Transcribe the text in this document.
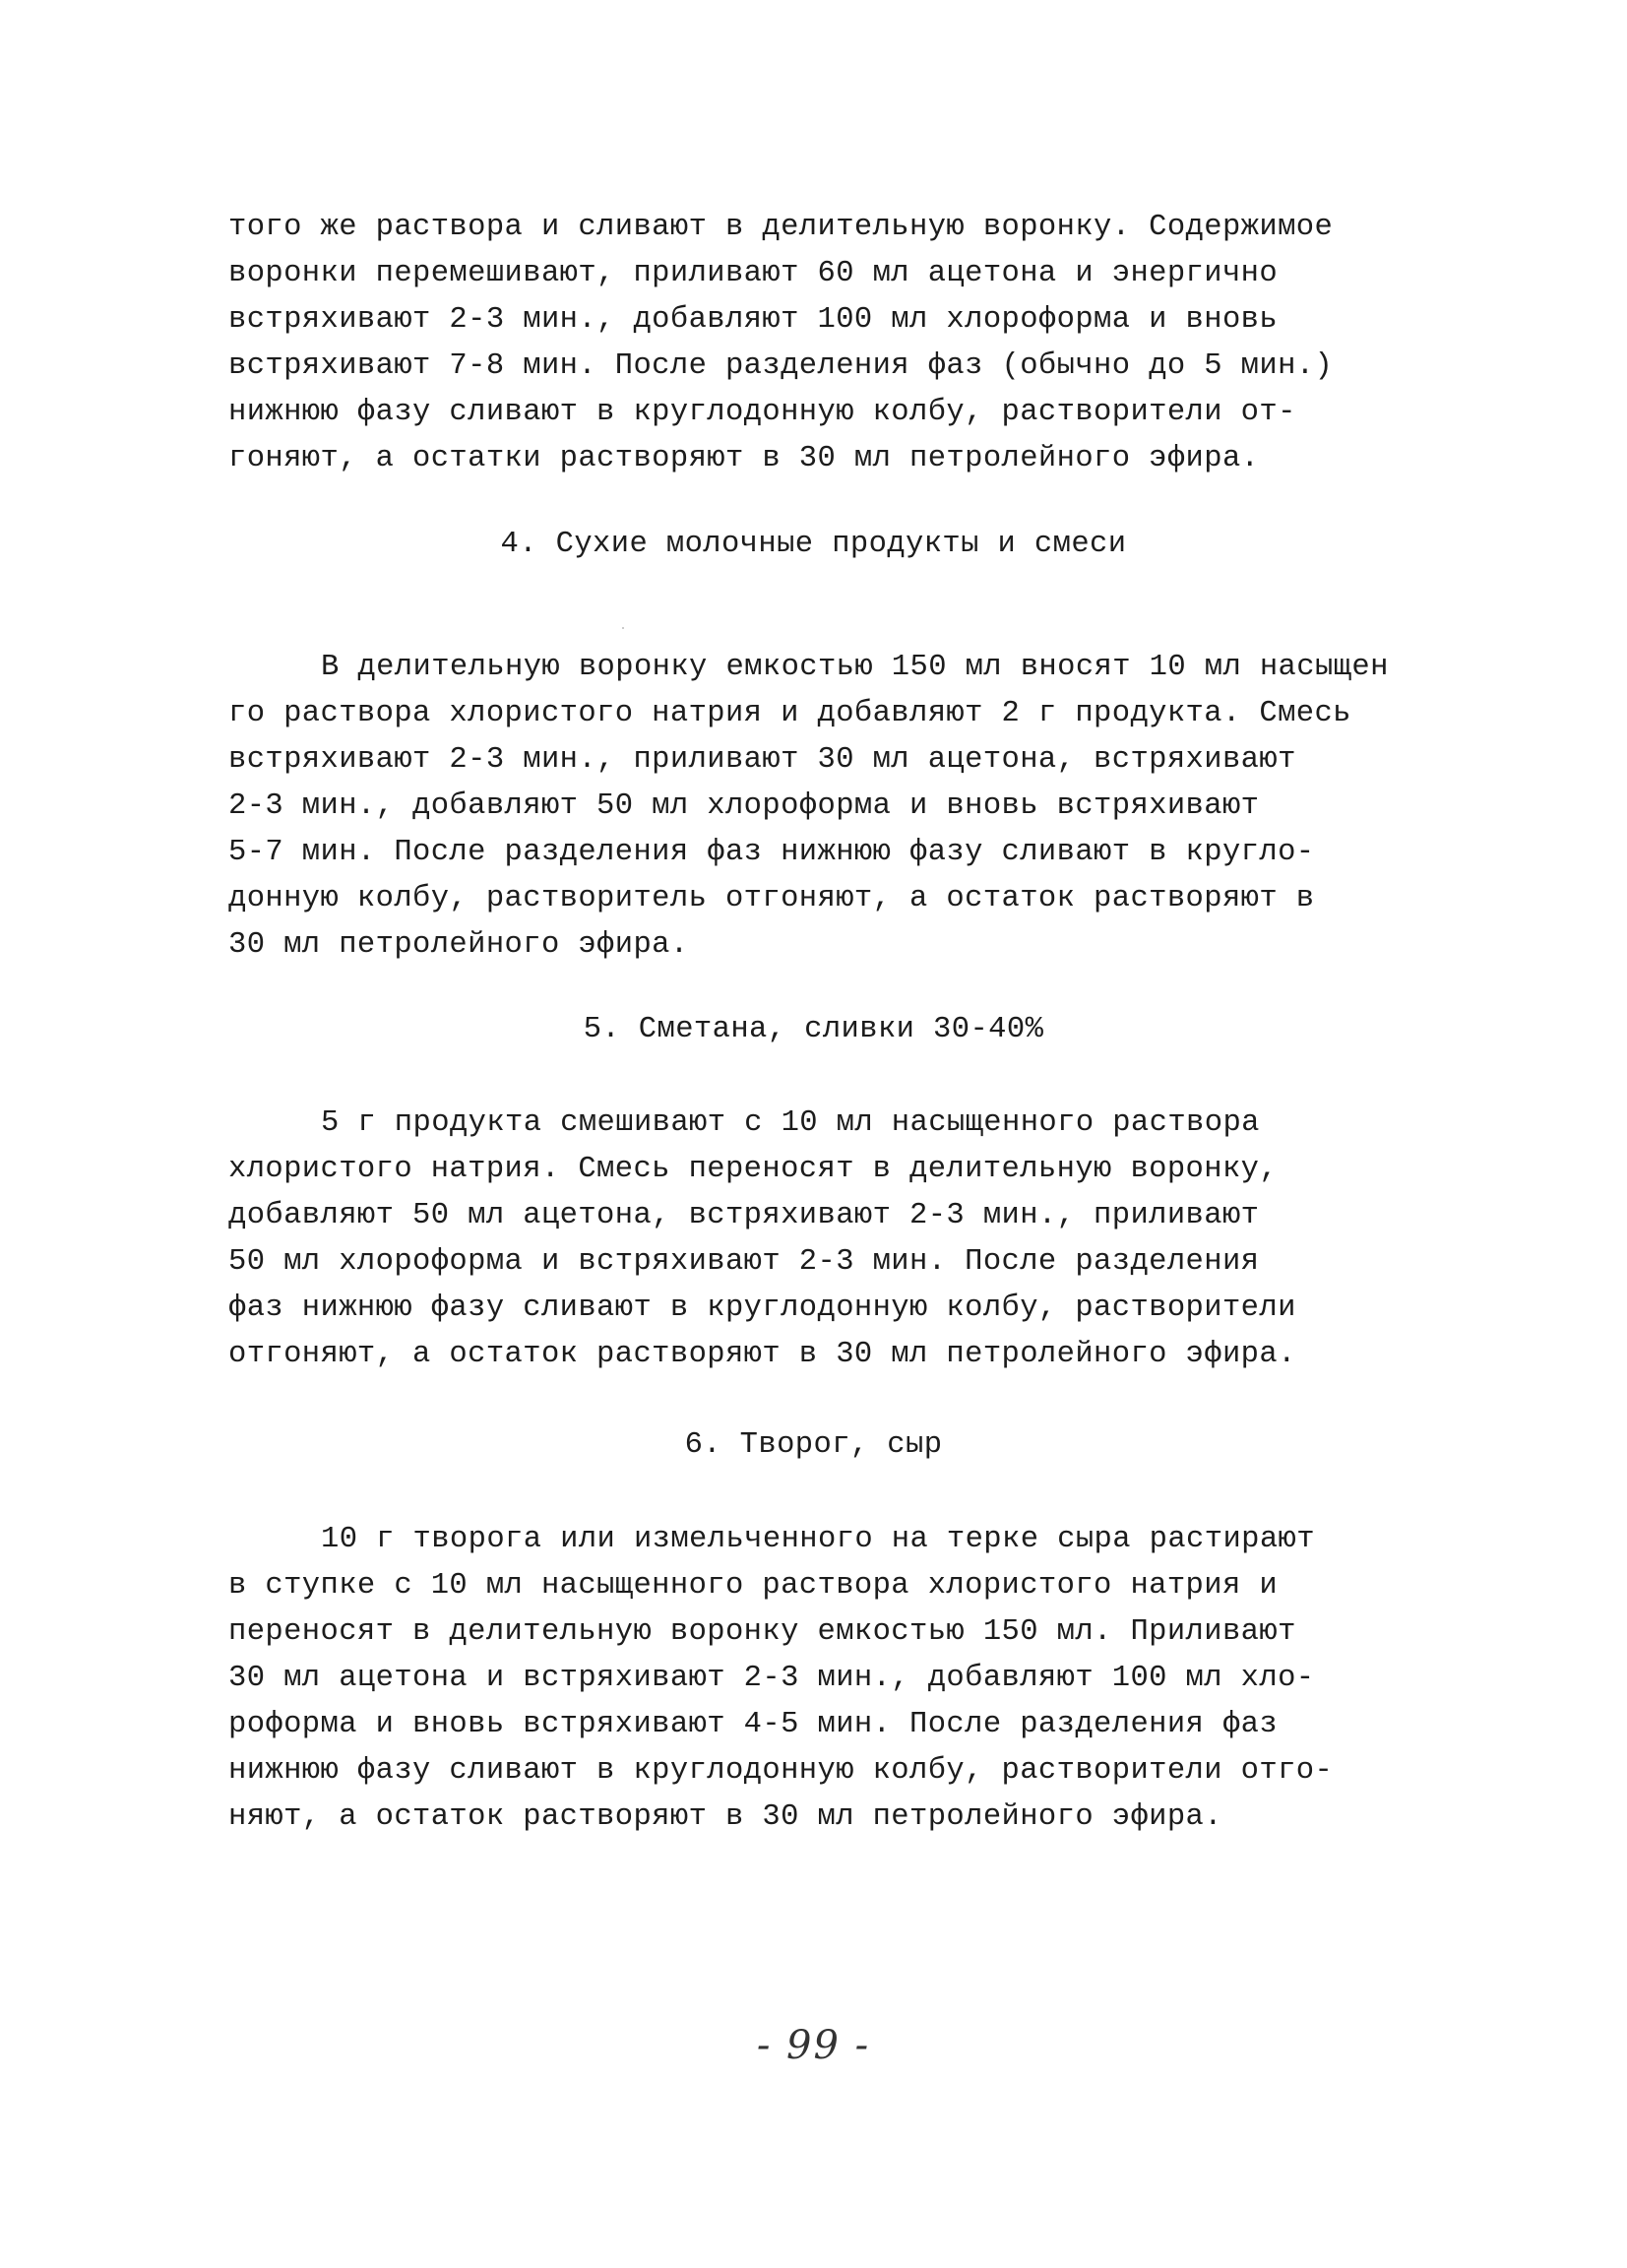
того же раствора и сливают в делительную воронку. Содержимое
воронки перемешивают, приливают 60 мл ацетона и энергично
встряхивают 2-3 мин., добавляют 100 мл хлороформа и вновь
встряхивают 7-8 мин. После разделения фаз (обычно до 5 мин.)
нижнюю фазу сливают в круглодонную колбу, растворители от-
гоняют, а остатки растворяют в 30 мл петролейного эфира.
4. Сухие молочные продукты и смеси
В делительную воронку емкостью 150 мл вносят 10 мл насыщен
го раствора хлористого натрия и добавляют 2 г продукта. Смесь
встряхивают 2-3 мин., приливают 30 мл ацетона, встряхивают
2-3 мин., добавляют 50 мл хлороформа и вновь встряхивают
5-7 мин. После разделения фаз нижнюю фазу сливают в кругло-
донную колбу, растворитель отгоняют, а остаток растворяют в
30 мл петролейного эфира.
5. Сметана, сливки 30-40%
5 г продукта смешивают с 10 мл насыщенного раствора
хлористого натрия. Смесь переносят в делительную воронку,
добавляют 50 мл ацетона, встряхивают 2-3 мин., приливают
50 мл хлороформа и встряхивают 2-3 мин. После разделения
фаз нижнюю фазу сливают в круглодонную колбу, растворители
отгоняют, а остаток растворяют в 30 мл петролейного эфира.
6. Творог, сыр
10 г творога или измельченного на терке сыра растирают
в ступке с 10 мл насыщенного раствора хлористого натрия и
переносят в делительную воронку емкостью 150 мл. Приливают
30 мл ацетона и встряхивают 2-3 мин., добавляют 100 мл хло-
роформа и вновь встряхивают 4-5 мин. После разделения фаз
нижнюю фазу сливают в круглодонную колбу, растворители отго-
няют, а остаток растворяют в 30 мл петролейного эфира.
- 99 -
